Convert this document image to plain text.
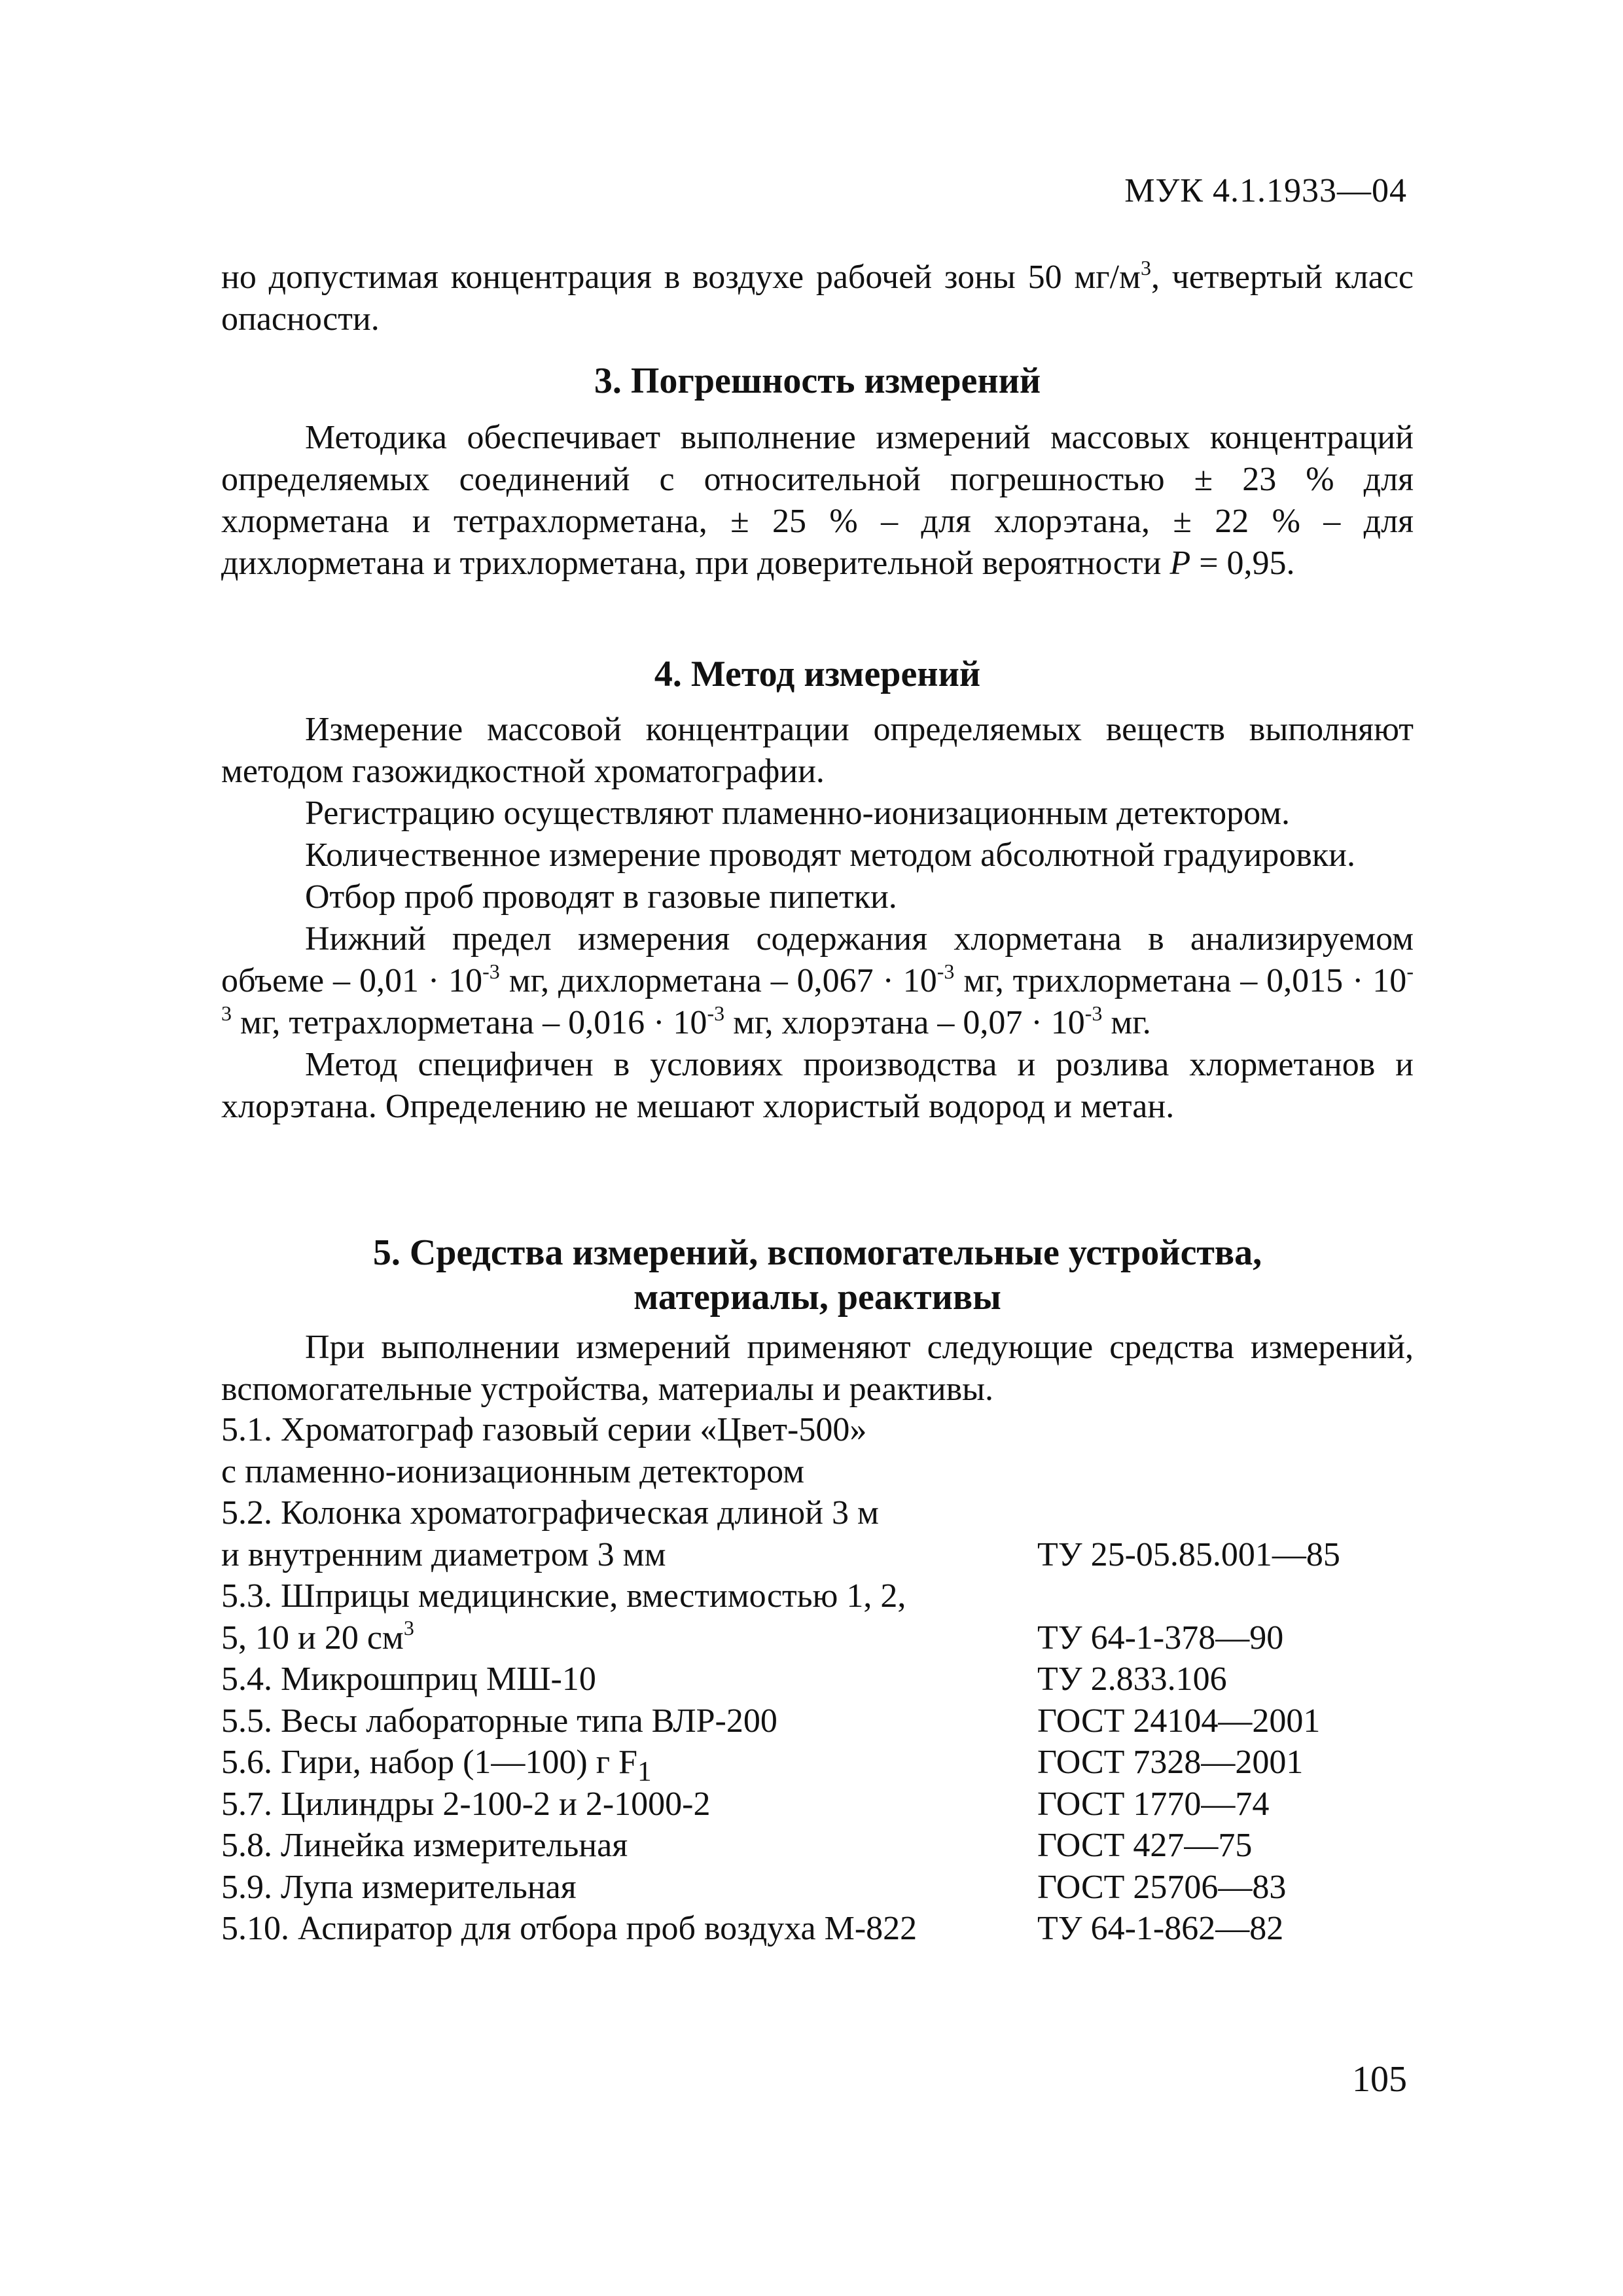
МУК 4.1.1933—04

но допустимая концентрация в воздухе рабочей зоны 50 $мг/м^3$, четвертый класс опасности.

3. Погрешность измерений

Методика обеспечивает выполнение измерений массовых концентраций определяемых соединений с относительной погрешностью ± 23 % для хлорметана и тетрахлорметана, ± 25 % – для хлорэтана, ± 22 % – для дихлорметана и трихлорметана, при доверительной вероятности P = 0,95.

4. Метод измерений

Измерение массовой концентрации определяемых веществ выполняют методом газожидкостной хроматографии.

Регистрацию осуществляют пламенно-ионизационным детектором.

Количественное измерение проводят методом абсолютной градуировки.

Отбор проб проводят в газовые пипетки.

Нижний предел измерения содержания хлорметана в анализируемом объеме – $0,01 \cdot 10^{-3}$ мг, дихлорметана – $0,067 \cdot 10^{-3}$ мг, трихлорметана – $0,015 \cdot 10^{-3}$ мг, тетрахлорметана – $0,016 \cdot 10^{-3}$ мг, хлорэтана – $0,07 \cdot 10^{-3}$ мг.

Метод специфичен в условиях производства и розлива хлорметанов и хлорэтана. Определению не мешают хлористый водород и метан.

5. Средства измерений, вспомогательные устройства,
материалы, реактивы

При выполнении измерений применяют следующие средства измерений, вспомогательные устройства, материалы и реактивы.

5.1. Хроматограф газовый серии «Цвет-500»
с пламенно-ионизационным детектором
5.2. Колонка хроматографическая длиной 3 м
и внутренним диаметром 3 мм	ТУ 25-05.85.001—85
5.3. Шприцы медицинские, вместимостью 1, 2,
5, 10 и 20 $см^3$	ТУ 64-1-378—90
5.4. Микрошприц МШ-10	ТУ 2.833.106
5.5. Весы лабораторные типа ВЛР-200	ГОСТ 24104—2001
5.6. Гири, набор (1—100) г $F_1$	ГОСТ 7328—2001
5.7. Цилиндры 2-100-2 и 2-1000-2	ГОСТ 1770—74
5.8. Линейка измерительная	ГОСТ 427—75
5.9. Лупа измерительная	ГОСТ 25706—83
5.10. Аспиратор для отбора проб воздуха М-822	ТУ 64-1-862—82
105
